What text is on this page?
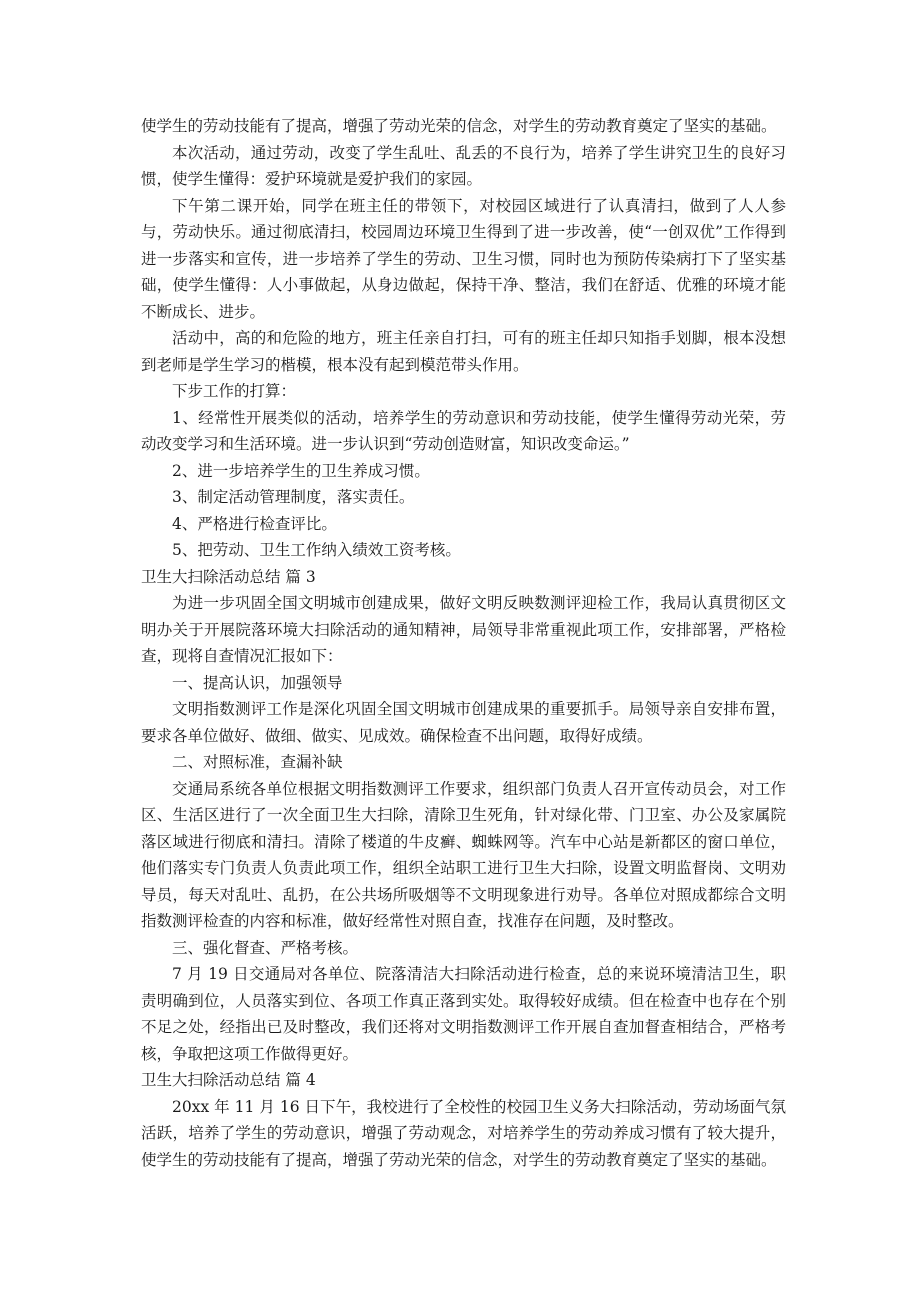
使学生的劳动技能有了提高，增强了劳动光荣的信念，对学生的劳动教育奠定了坚实的基础。

本次活动，通过劳动，改变了学生乱吐、乱丢的不良行为，培养了学生讲究卫生的良好习惯，使学生懂得：爱护环境就是爱护我们的家园。

下午第二课开始，同学在班主任的带领下，对校园区域进行了认真清扫，做到了人人参与，劳动快乐。通过彻底清扫，校园周边环境卫生得到了进一步改善，使“一创双优”工作得到进一步落实和宣传，进一步培养了学生的劳动、卫生习惯，同时也为预防传染病打下了坚实基础，使学生懂得：人小事做起，从身边做起，保持干净、整洁，我们在舒适、优雅的环境才能不断成长、进步。

活动中，高的和危险的地方，班主任亲自打扫，可有的班主任却只知指手划脚，根本没想到老师是学生学习的楷模，根本没有起到模范带头作用。

下步工作的打算：

1、经常性开展类似的活动，培养学生的劳动意识和劳动技能，使学生懂得劳动光荣，劳动改变学习和生活环境。进一步认识到“劳动创造财富，知识改变命运。”

2、进一步培养学生的卫生养成习惯。

3、制定活动管理制度，落实责任。

4、严格进行检查评比。

5、把劳动、卫生工作纳入绩效工资考核。

卫生大扫除活动总结 篇 3

为进一步巩固全国文明城市创建成果，做好文明反映数测评迎检工作，我局认真贯彻区文明办关于开展院落环境大扫除活动的通知精神，局领导非常重视此项工作，安排部署，严格检查，现将自查情况汇报如下：

一、提高认识，加强领导

文明指数测评工作是深化巩固全国文明城市创建成果的重要抓手。局领导亲自安排布置，要求各单位做好、做细、做实、见成效。确保检查不出问题，取得好成绩。

二、对照标准，查漏补缺

交通局系统各单位根据文明指数测评工作要求，组织部门负责人召开宣传动员会，对工作区、生活区进行了一次全面卫生大扫除，清除卫生死角，针对绿化带、门卫室、办公及家属院落区域进行彻底和清扫。清除了楼道的牛皮癣、蜘蛛网等。汽车中心站是新都区的窗口单位，他们落实专门负责人负责此项工作，组织全站职工进行卫生大扫除，设置文明监督岗、文明劝导员，每天对乱吐、乱扔，在公共场所吸烟等不文明现象进行劝导。各单位对照成都综合文明指数测评检查的内容和标准，做好经常性对照自查，找准存在问题，及时整改。

三、强化督查、严格考核。

7 月 19 日交通局对各单位、院落清洁大扫除活动进行检查，总的来说环境清洁卫生，职责明确到位，人员落实到位、各项工作真正落到实处。取得较好成绩。但在检查中也存在个别不足之处，经指出已及时整改，我们还将对文明指数测评工作开展自查加督查相结合，严格考核，争取把这项工作做得更好。

卫生大扫除活动总结 篇 4

20xx 年 11 月 16 日下午，我校进行了全校性的校园卫生义务大扫除活动，劳动场面气氛活跃，培养了学生的劳动意识，增强了劳动观念，对培养学生的劳动养成习惯有了较大提升，使学生的劳动技能有了提高，增强了劳动光荣的信念，对学生的劳动教育奠定了坚实的基础。
